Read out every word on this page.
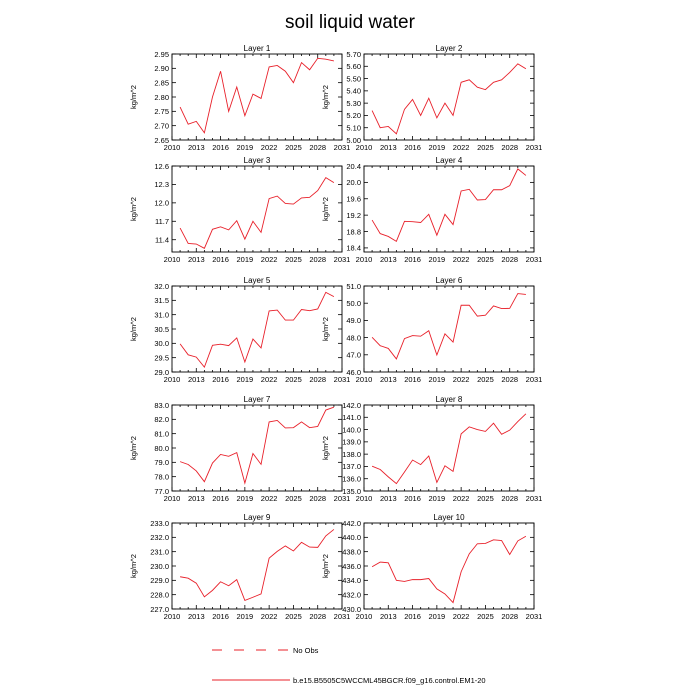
soil liquid water
Layer 1
kg/m^2
2.65
2.70
2.75
2.80
2.85
2.90
2.95
2010 2013 2016 2019 2022 2025 2028 2031
Layer 2
kg/m^2
5.00
5.10
5.20
5.30
5.40
5.50
5.60
5.70
2010 2013 2016 2019 2022 2025 2028 2031
Layer 3
kg/m^2
11.4
11.7
12.0
12.3
12.6
2010 2013 2016 2019 2022 2025 2028 2031
Layer 4
kg/m^2
18.4
18.8
19.2
19.6
20.0
20.4
2010 2013 2016 2019 2022 2025 2028 2031
Layer 5
kg/m^2
29.0
29.5
30.0
30.5
31.0
31.5
32.0
2010 2013 2016 2019 2022 2025 2028 2031
Layer 6
kg/m^2
46.0
47.0
48.0
49.0
50.0
51.0
2010 2013 2016 2019 2022 2025 2028 2031
Layer 7
kg/m^2
77.0
78.0
79.0
80.0
81.0
82.0
83.0
2010 2013 2016 2019 2022 2025 2028 2031
Layer 8
kg/m^2
135.0
136.0
137.0
138.0
139.0
140.0
141.0
142.0
2010 2013 2016 2019 2022 2025 2028 2031
Layer 9
kg/m^2
227.0
228.0
229.0
230.0
231.0
232.0
233.0
2010 2013 2016 2019 2022 2025 2028 2031
Layer 10
kg/m^2
430.0
432.0
434.0
436.0
438.0
440.0
442.0
2010 2013 2016 2019 2022 2025 2028 2031
No Obs
b.e15.B5505C5WCCML45BGCR.f09_g16.control.EM1-20
